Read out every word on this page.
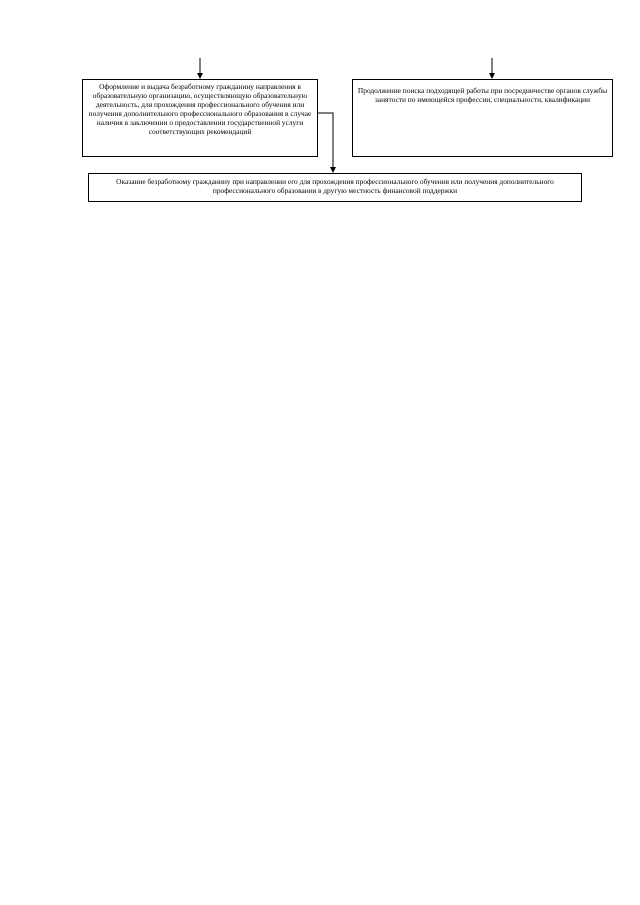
Оформление и выдача безработному гражданину направления в образовательную организацию, осуществляющую образовательную деятельность, для прохождения профессионального обучения или получения дополнительного профессионального образования в случае наличия в заключении о предоставлении государственной услуги соответствующих рекомендаций
Продолжение поиска подходящей работы при посредничестве органов службы занятости по имеющейся профессии, специальности, квалификации
Оказание безработному гражданину при направлении его для прохождения профессионального обучения или получения дополнительного профессионального образования в другую местность финансовой поддержки
